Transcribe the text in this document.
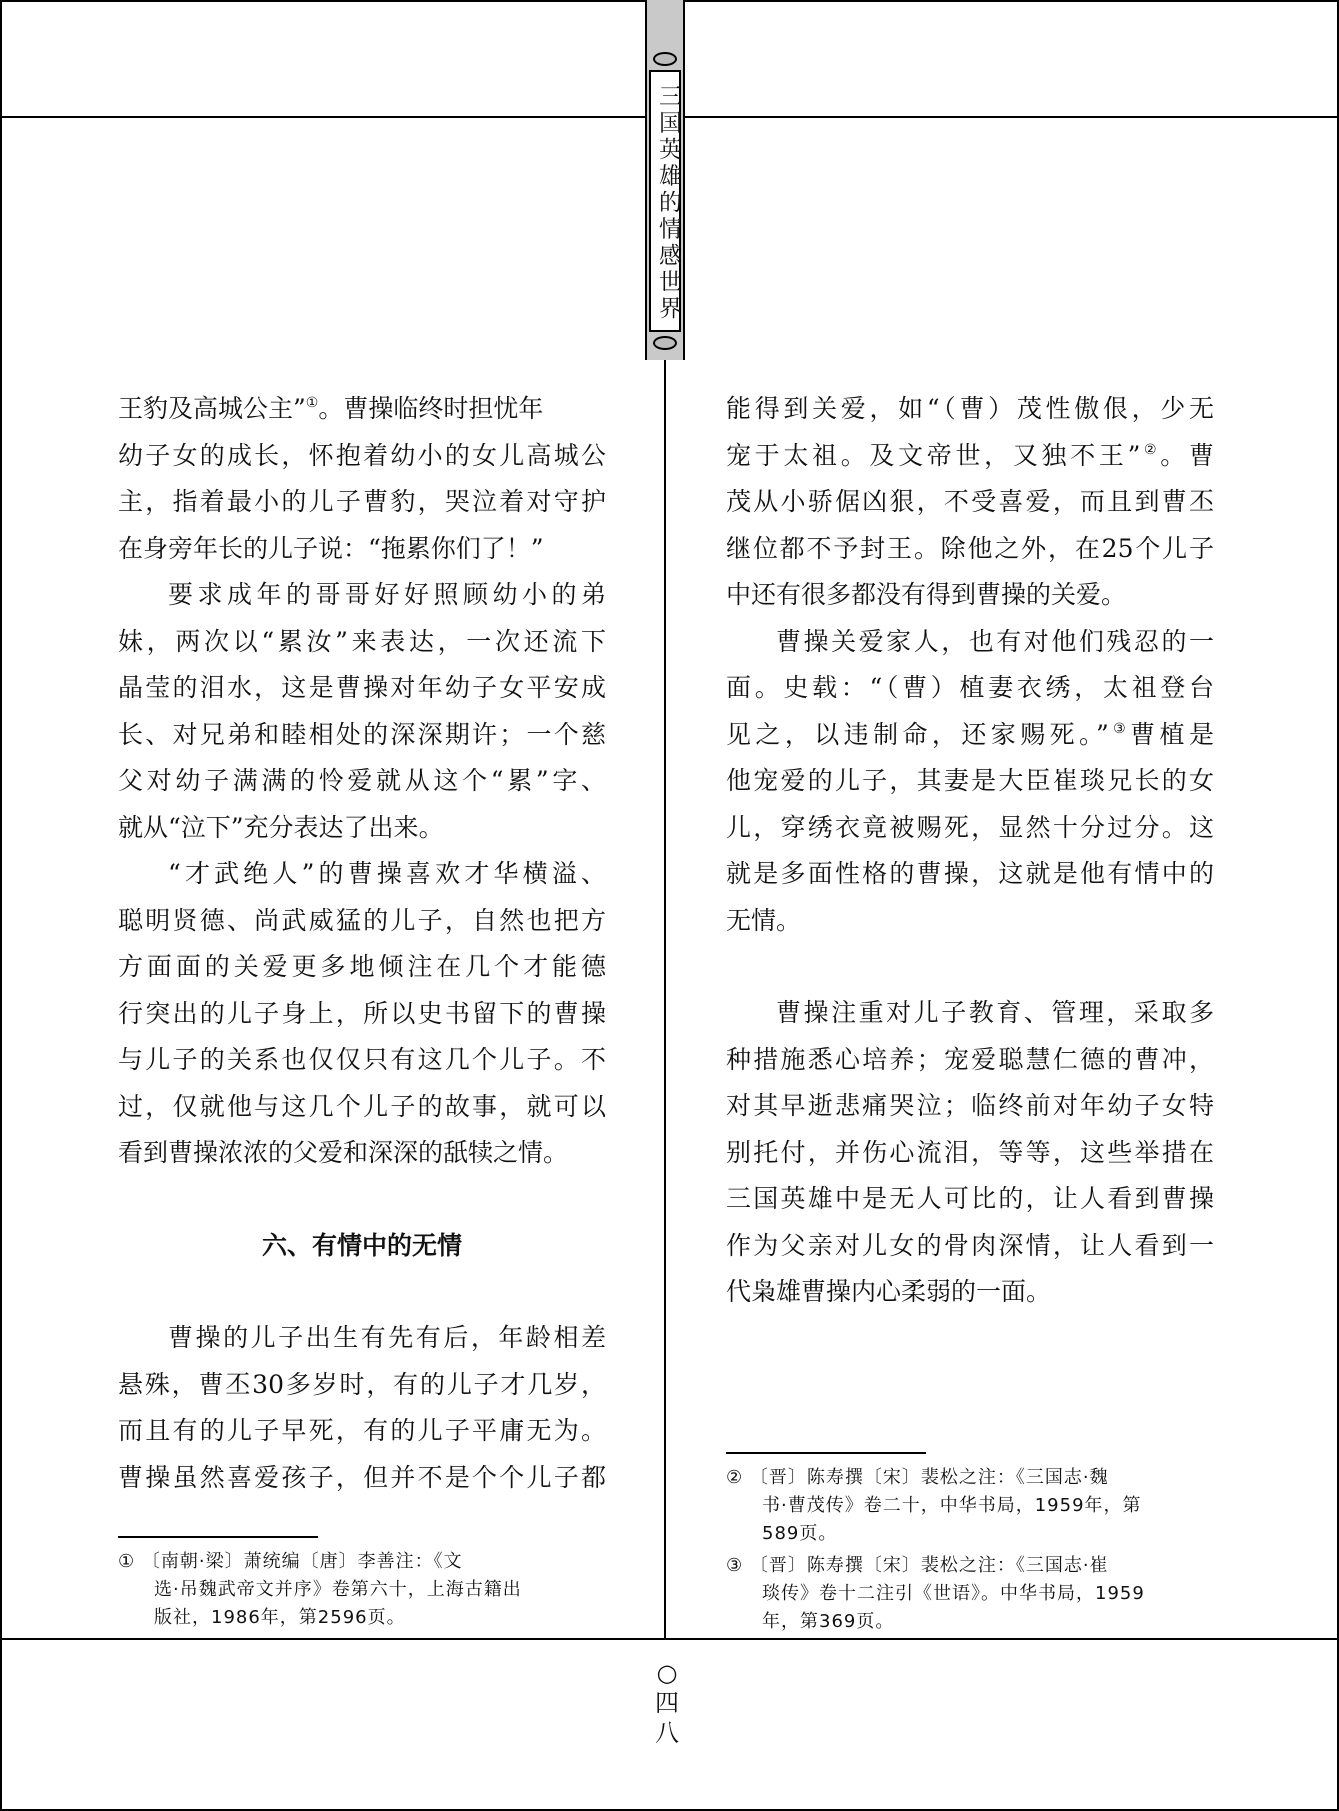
三国英雄的情感世界

王豹及高城公主”①。曹操临终时担忧年

幼子女的成长，怀抱着幼小的女儿高城公

主，指着最小的儿子曹豹，哭泣着对守护

在身旁年长的儿子说：“拖累你们了！”

要求成年的哥哥好好照顾幼小的弟

妹，两次以“累汝”来表达，一次还流下

晶莹的泪水，这是曹操对年幼子女平安成

长、对兄弟和睦相处的深深期许；一个慈

父对幼子满满的怜爱就从这个“累”字、

就从“泣下”充分表达了出来。

“才武绝人”的曹操喜欢才华横溢、

聪明贤德、尚武威猛的儿子，自然也把方

方面面的关爱更多地倾注在几个才能德

行突出的儿子身上，所以史书留下的曹操

与儿子的关系也仅仅只有这几个儿子。不

过，仅就他与这几个儿子的故事，就可以

看到曹操浓浓的父爱和深深的舐犊之情。

六、有情中的无情

曹操的儿子出生有先有后，年龄相差

悬殊，曹丕30多岁时，有的儿子才几岁，

而且有的儿子早死，有的儿子平庸无为。

曹操虽然喜爱孩子，但并不是个个儿子都

能得到关爱，如“（曹）茂性傲佷，少无

宠于太祖。及文帝世，又独不王”②。曹

茂从小骄倨凶狠，不受喜爱，而且到曹丕

继位都不予封王。除他之外，在25个儿子

中还有很多都没有得到曹操的关爱。

曹操关爱家人，也有对他们残忍的一

面。史载：“（曹）植妻衣绣，太祖登台

见之，以违制命，还家赐死。”③曹植是

他宠爱的儿子，其妻是大臣崔琰兄长的女

儿，穿绣衣竟被赐死，显然十分过分。这

就是多面性格的曹操，这就是他有情中的

无情。

曹操注重对儿子教育、管理，采取多

种措施悉心培养；宠爱聪慧仁德的曹冲，

对其早逝悲痛哭泣；临终前对年幼子女特

别托付，并伤心流泪，等等，这些举措在

三国英雄中是无人可比的，让人看到曹操

作为父亲对儿女的骨肉深情，让人看到一

代枭雄曹操内心柔弱的一面。

① 〔南朝·梁〕萧统编〔唐〕李善注：《文
选·吊魏武帝文并序》卷第六十，上海古籍出
版社，1986年，第2596页。

② 〔晋〕陈寿撰〔宋〕裴松之注：《三国志·魏
书·曹茂传》卷二十，中华书局，1959年，第
589页。

③ 〔晋〕陈寿撰〔宋〕裴松之注：《三国志·崔
琰传》卷十二注引《世语》。中华书局，1959
年，第369页。

○
四
八
